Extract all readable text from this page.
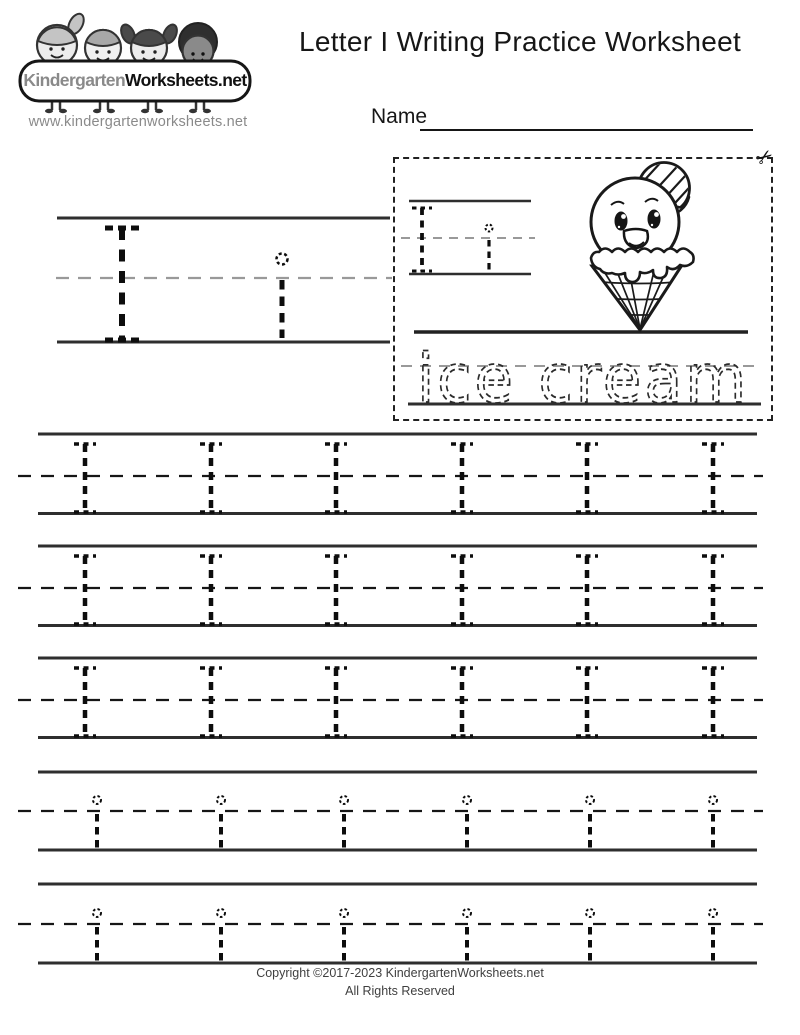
KindergartenWorksheets.net
www.kindergartenworksheets.net
Letter I Writing Practice Worksheet
Name
✂
ice cream
Copyright ©2017-2023 KindergartenWorksheets.net
All Rights Reserved
